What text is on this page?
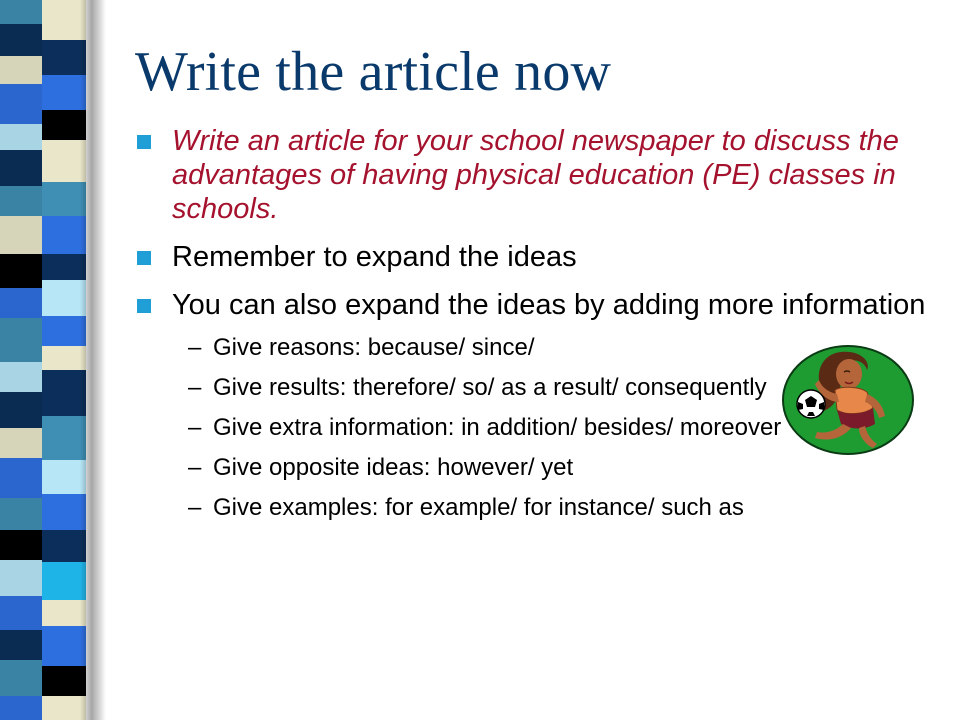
Write the article now
Write an article for your school newspaper to discuss the advantages of having physical education (PE) classes in schools.
Remember to expand the ideas
You can also expand the ideas by adding more information
– Give reasons: because/ since/
– Give results: therefore/ so/ as a result/ consequently
– Give extra information: in addition/ besides/ moreover
– Give opposite ideas: however/ yet
– Give examples: for example/ for instance/ such as
